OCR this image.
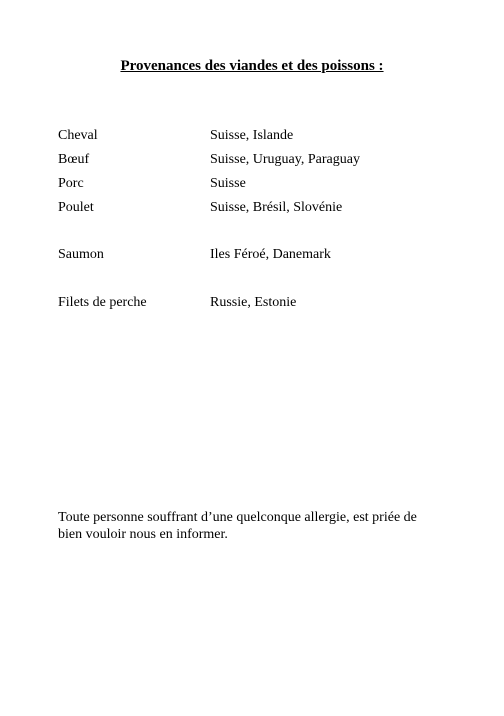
Provenances des viandes et des poissons :
Cheval	Suisse, Islande
Bœuf	Suisse, Uruguay, Paraguay
Porc	Suisse
Poulet	Suisse, Brésil, Slovénie
Saumon	Iles Féroé, Danemark
Filets de perche	Russie, Estonie
Toute personne souffrant d’une quelconque allergie, est priée de
bien vouloir nous en informer.
